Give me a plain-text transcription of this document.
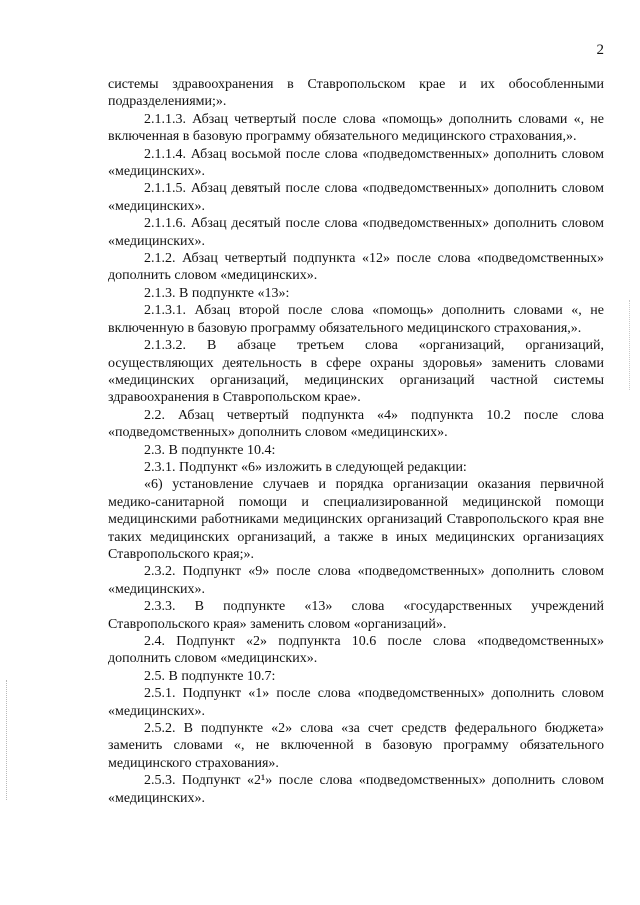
2

системы здравоохранения в Ставропольском крае и их обособленными подразделениями;».

2.1.1.3. Абзац четвертый после слова «помощь» дополнить словами «, не включенная в базовую программу обязательного медицинского страхования,».

2.1.1.4. Абзац восьмой после слова «подведомственных» дополнить словом «медицинских».

2.1.1.5. Абзац девятый после слова «подведомственных» дополнить словом «медицинских».

2.1.1.6. Абзац десятый после слова «подведомственных» дополнить словом «медицинских».

2.1.2. Абзац четвертый подпункта «12» после слова «подведомственных» дополнить словом «медицинских».

2.1.3. В подпункте «13»:

2.1.3.1. Абзац второй после слова «помощь» дополнить словами «, не включенную в базовую программу обязательного медицинского страхования,».

2.1.3.2. В абзаце третьем слова «организаций, организаций, осуществляющих деятельность в сфере охраны здоровья» заменить словами «медицинских организаций, медицинских организаций частной системы здравоохранения в Ставропольском крае».

2.2. Абзац четвертый подпункта «4» подпункта 10.2 после слова «подведомственных» дополнить словом «медицинских».

2.3. В подпункте 10.4:

2.3.1. Подпункт «6» изложить в следующей редакции:

«6) установление случаев и порядка организации оказания первичной медико-санитарной помощи и специализированной медицинской помощи медицинскими работниками медицинских организаций Ставропольского края вне таких медицинских организаций, а также в иных медицинских организациях Ставропольского края;».

2.3.2. Подпункт «9» после слова «подведомственных» дополнить словом «медицинских».

2.3.3. В подпункте «13» слова «государственных учреждений Ставропольского края» заменить словом «организаций».

2.4. Подпункт «2» подпункта 10.6 после слова «подведомственных» дополнить словом «медицинских».

2.5. В подпункте 10.7:

2.5.1. Подпункт «1» после слова «подведомственных» дополнить словом «медицинских».

2.5.2. В подпункте «2» слова «за счет средств федерального бюджета» заменить словами «, не включенной в базовую программу обязательного медицинского страхования».

2.5.3. Подпункт «2¹» после слова «подведомственных» дополнить словом «медицинских».
